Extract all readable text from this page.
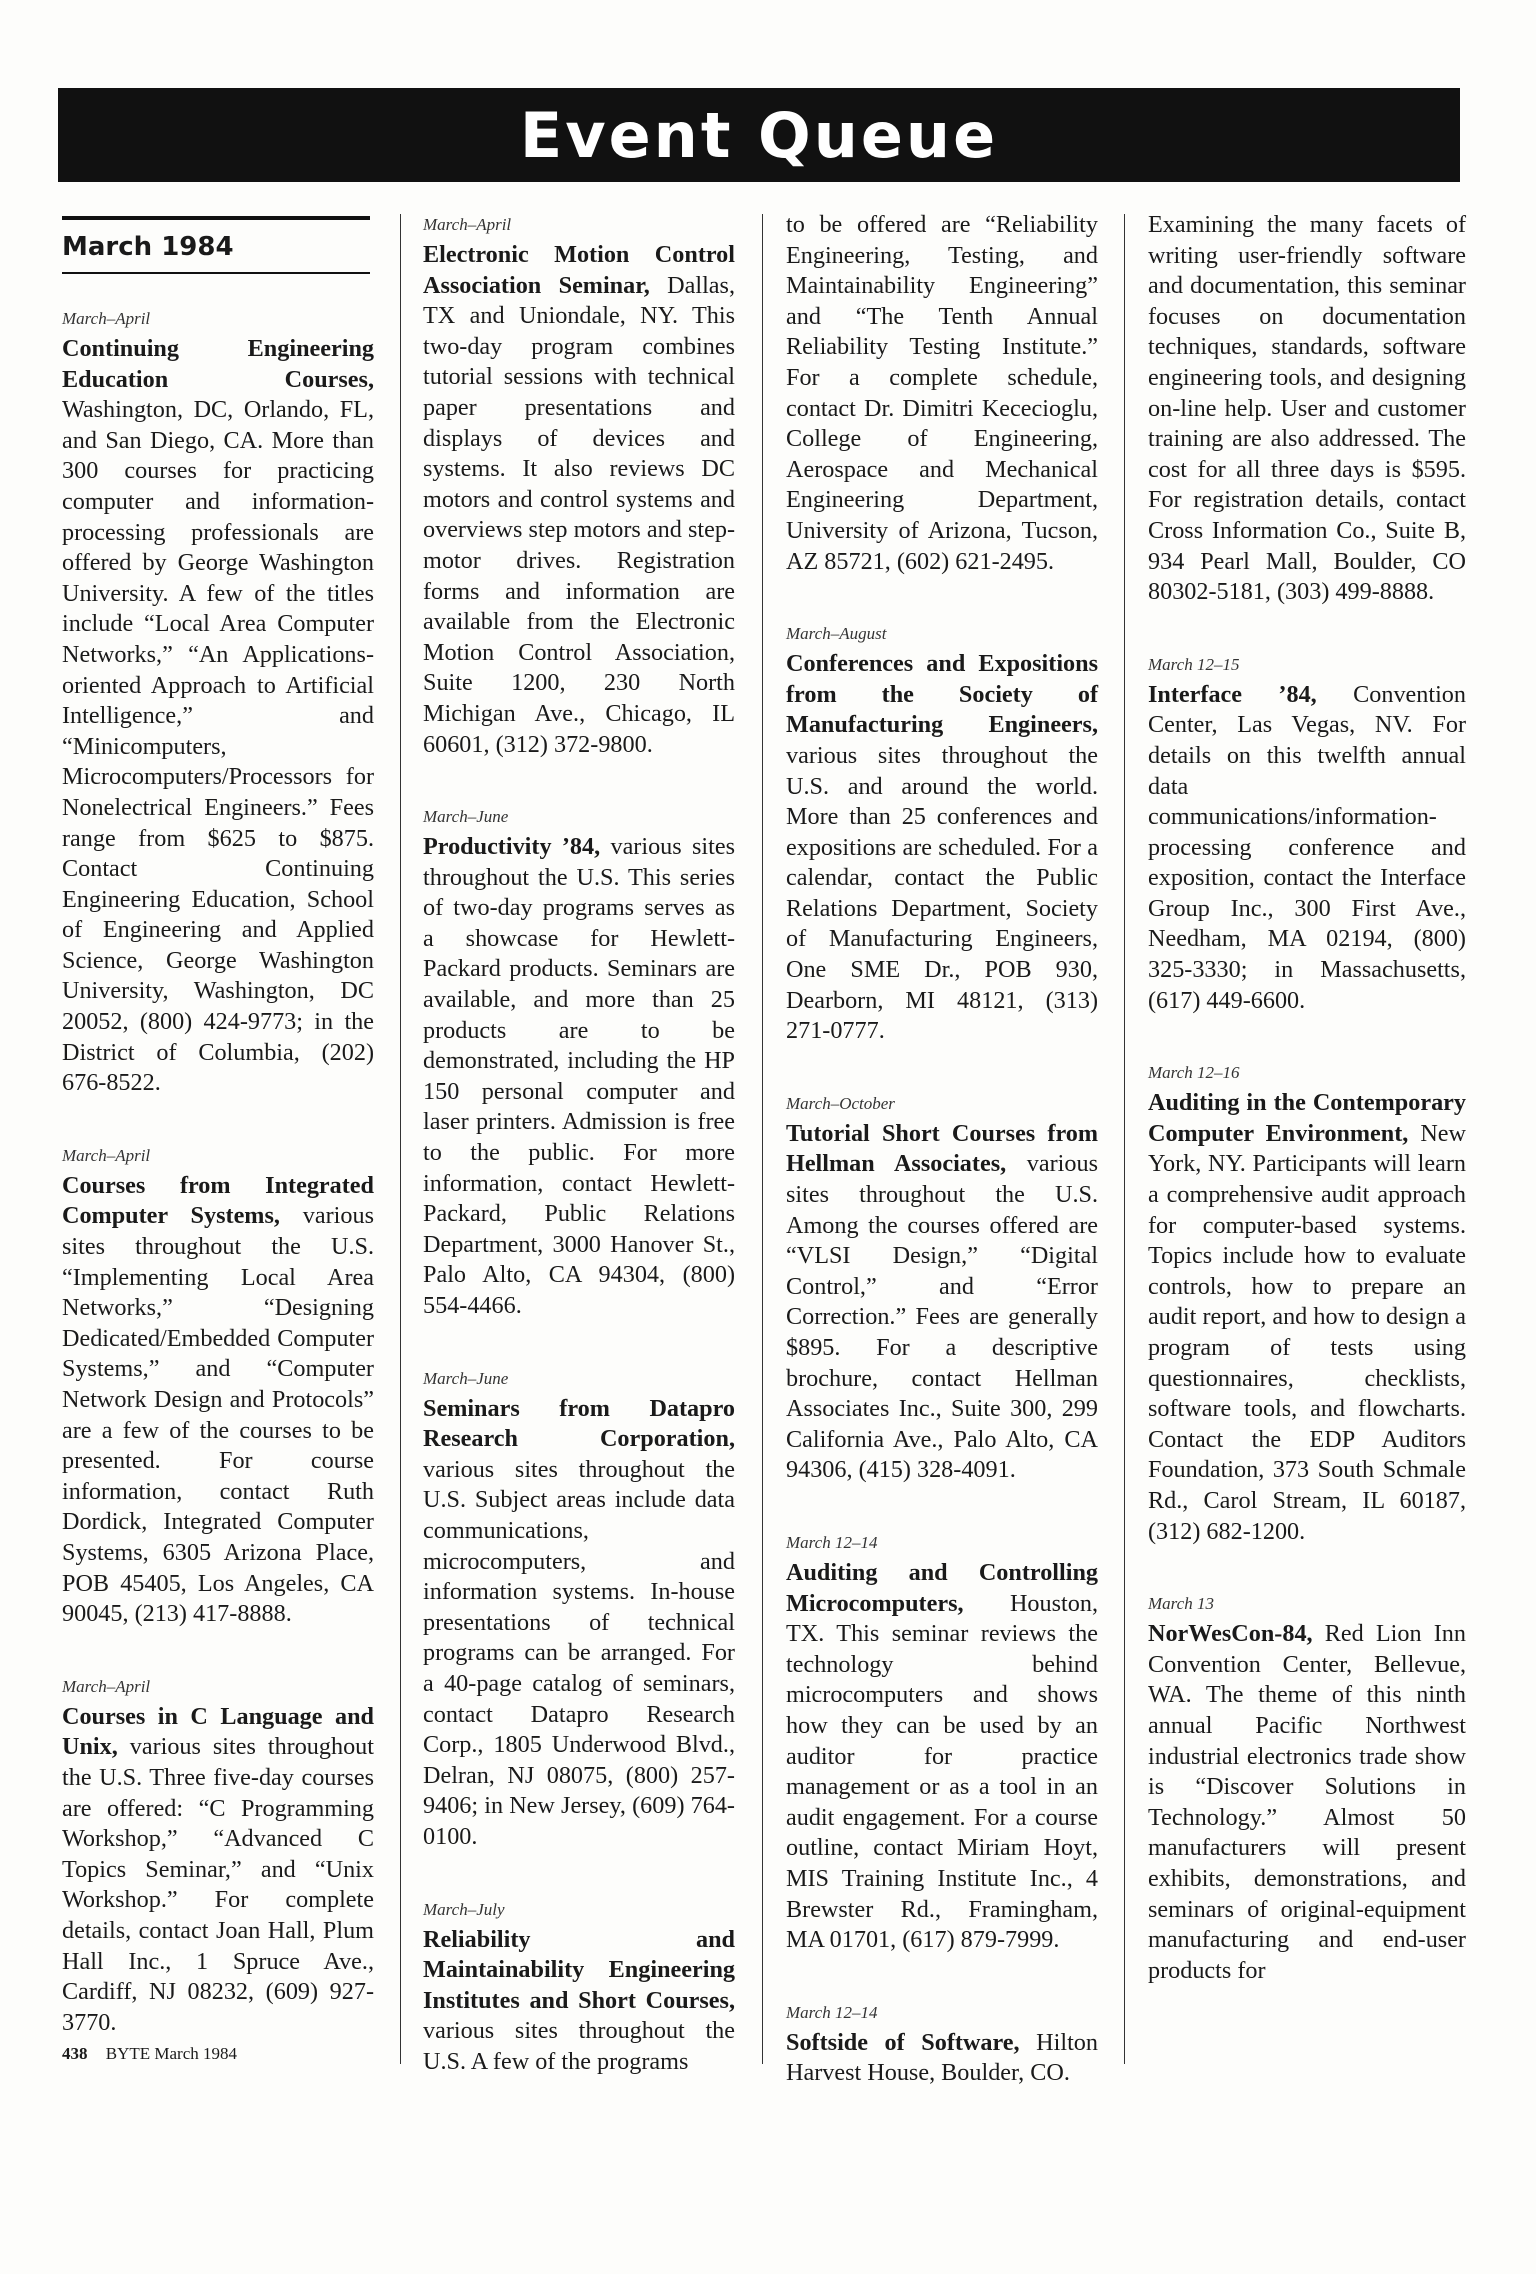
Event Queue
March 1984
March–April
Continuing Engineering Education Courses, Washington, DC, Orlando, FL, and San Diego, CA. More than 300 courses for practicing computer and information-processing professionals are offered by George Washington University. A few of the titles include “Local Area Computer Networks,” “An Applications-oriented Approach to Artificial Intelligence,” and “Minicomputers, Microcomputers/Processors for Nonelectrical Engineers.” Fees range from $625 to $875. Contact Continuing Engineering Education, School of Engineering and Applied Science, George Washington University, Washington, DC 20052, (800) 424-9773; in the District of Columbia, (202) 676-8522.
March–April
Courses from Integrated Computer Systems, various sites throughout the U.S. “Implementing Local Area Networks,” “Designing Dedicated/Embedded Computer Systems,” and “Computer Network Design and Protocols” are a few of the courses to be presented. For course information, contact Ruth Dordick, Integrated Computer Systems, 6305 Arizona Place, POB 45405, Los Angeles, CA 90045, (213) 417-8888.
March–April
Courses in C Language and Unix, various sites throughout the U.S. Three five-day courses are offered: “C Programming Workshop,” “Advanced C Topics Seminar,” and “Unix Workshop.” For complete details, contact Joan Hall, Plum Hall Inc., 1 Spruce Ave., Cardiff, NJ 08232, (609) 927-3770.
March–April
Electronic Motion Control Association Seminar, Dallas, TX and Uniondale, NY. This two-day program combines tutorial sessions with technical paper presentations and displays of devices and systems. It also reviews DC motors and control systems and overviews step motors and step-motor drives. Registration forms and information are available from the Electronic Motion Control Association, Suite 1200, 230 North Michigan Ave., Chicago, IL 60601, (312) 372-9800.
March–June
Productivity ’84, various sites throughout the U.S. This series of two-day programs serves as a showcase for Hewlett-Packard products. Seminars are available, and more than 25 products are to be demonstrated, including the HP 150 personal computer and laser printers. Admission is free to the public. For more information, contact Hewlett-Packard, Public Relations Department, 3000 Hanover St., Palo Alto, CA 94304, (800) 554-4466.
March–June
Seminars from Datapro Research Corporation, various sites throughout the U.S. Subject areas include data communications, microcomputers, and information systems. In-house presentations of technical programs can be arranged. For a 40-page catalog of seminars, contact Datapro Research Corp., 1805 Underwood Blvd., Delran, NJ 08075, (800) 257-9406; in New Jersey, (609) 764-0100.
March–July
Reliability and Maintainability Engineering Institutes and Short Courses, various sites throughout the U.S. A few of the programs
to be offered are “Reliability Engineering, Testing, and Maintainability Engineering” and “The Tenth Annual Reliability Testing Institute.” For a complete schedule, contact Dr. Dimitri Kececioglu, College of Engineering, Aerospace and Mechanical Engineering Department, University of Arizona, Tucson, AZ 85721, (602) 621-2495.
March–August
Conferences and Expositions from the Society of Manufacturing Engineers, various sites throughout the U.S. and around the world. More than 25 conferences and expositions are scheduled. For a calendar, contact the Public Relations Department, Society of Manufacturing Engineers, One SME Dr., POB 930, Dearborn, MI 48121, (313) 271-0777.
March–October
Tutorial Short Courses from Hellman Associates, various sites throughout the U.S. Among the courses offered are “VLSI Design,” “Digital Control,” and “Error Correction.” Fees are generally $895. For a descriptive brochure, contact Hellman Associates Inc., Suite 300, 299 California Ave., Palo Alto, CA 94306, (415) 328-4091.
March 12–14
Auditing and Controlling Microcomputers, Houston, TX. This seminar reviews the technology behind microcomputers and shows how they can be used by an auditor for practice management or as a tool in an audit engagement. For a course outline, contact Miriam Hoyt, MIS Training Institute Inc., 4 Brewster Rd., Framingham, MA 01701, (617) 879-7999.
March 12–14
Softside of Software, Hilton Harvest House, Boulder, CO.
Examining the many facets of writing user-friendly software and documentation, this seminar focuses on documentation techniques, standards, software engineering tools, and designing on-line help. User and customer training are also addressed. The cost for all three days is $595. For registration details, contact Cross Information Co., Suite B, 934 Pearl Mall, Boulder, CO 80302-5181, (303) 499-8888.
March 12–15
Interface ’84, Convention Center, Las Vegas, NV. For details on this twelfth annual data communications/information-processing conference and exposition, contact the Interface Group Inc., 300 First Ave., Needham, MA 02194, (800) 325-3330; in Massachusetts, (617) 449-6600.
March 12–16
Auditing in the Contemporary Computer Environment, New York, NY. Participants will learn a comprehensive audit approach for computer-based systems. Topics include how to evaluate controls, how to prepare an audit report, and how to design a program of tests using questionnaires, checklists, software tools, and flowcharts. Contact the EDP Auditors Foundation, 373 South Schmale Rd., Carol Stream, IL 60187, (312) 682-1200.
March 13
NorWesCon-84, Red Lion Inn Convention Center, Bellevue, WA. The theme of this ninth annual Pacific Northwest industrial electronics trade show is “Discover Solutions in Technology.” Almost 50 manufacturers will present exhibits, demonstrations, and seminars of original-equipment manufacturing and end-user products for
438 BYTE March 1984
